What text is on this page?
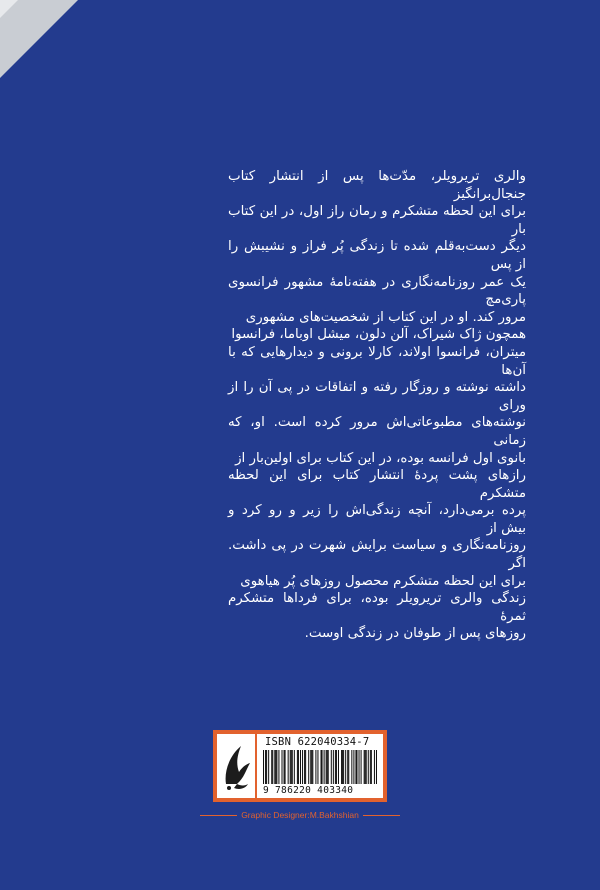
والری تریرویلر، مدّت‌ها پس از انتشار کتاب جنجال‌برانگیز

برای این لحظه متشکرم و رمان راز اول، در این کتاب بار

دیگر دست‌به‌قلم شده تا زندگی پُر فراز و نشیبش را از پس

یک عمر روزنامه‌نگاری در هفته‌نامهٔ مشهور فرانسوی پاری‌مچ

مرور کند. او در این کتاب از شخصیت‌های مشهوری

همچون ژاک شیراک، آلن دلون، میشل اوباما، فرانسوا

میتران، فرانسوا اولاند، کارلا برونی و دیدارهایی که با آن‌ها

داشته نوشته و روزگار رفته و اتفاقات در پی آن را از ورای

نوشته‌های مطبوعاتی‌اش مرور کرده است. او، که زمانی

بانوی اول فرانسه بوده، در این کتاب برای اولین‌بار از

رازهای پشت پردهٔ انتشار کتاب برای این لحظه متشکرم

پرده برمی‌دارد، آنچه زندگی‌اش را زیر و رو کرد و بیش از

روزنامه‌نگاری و سیاست برایش شهرت در پی داشت. اگر

برای این لحظه متشکرم محصول روزهای پُر هیاهوی

زندگی والری تریرویلر بوده، برای فرداها متشکرم ثمرهٔ

روزهای پس از طوفان در زندگی اوست.

ISBN 622040334-7
9 786220 403340
Graphic Designer:M.Bakhshian
